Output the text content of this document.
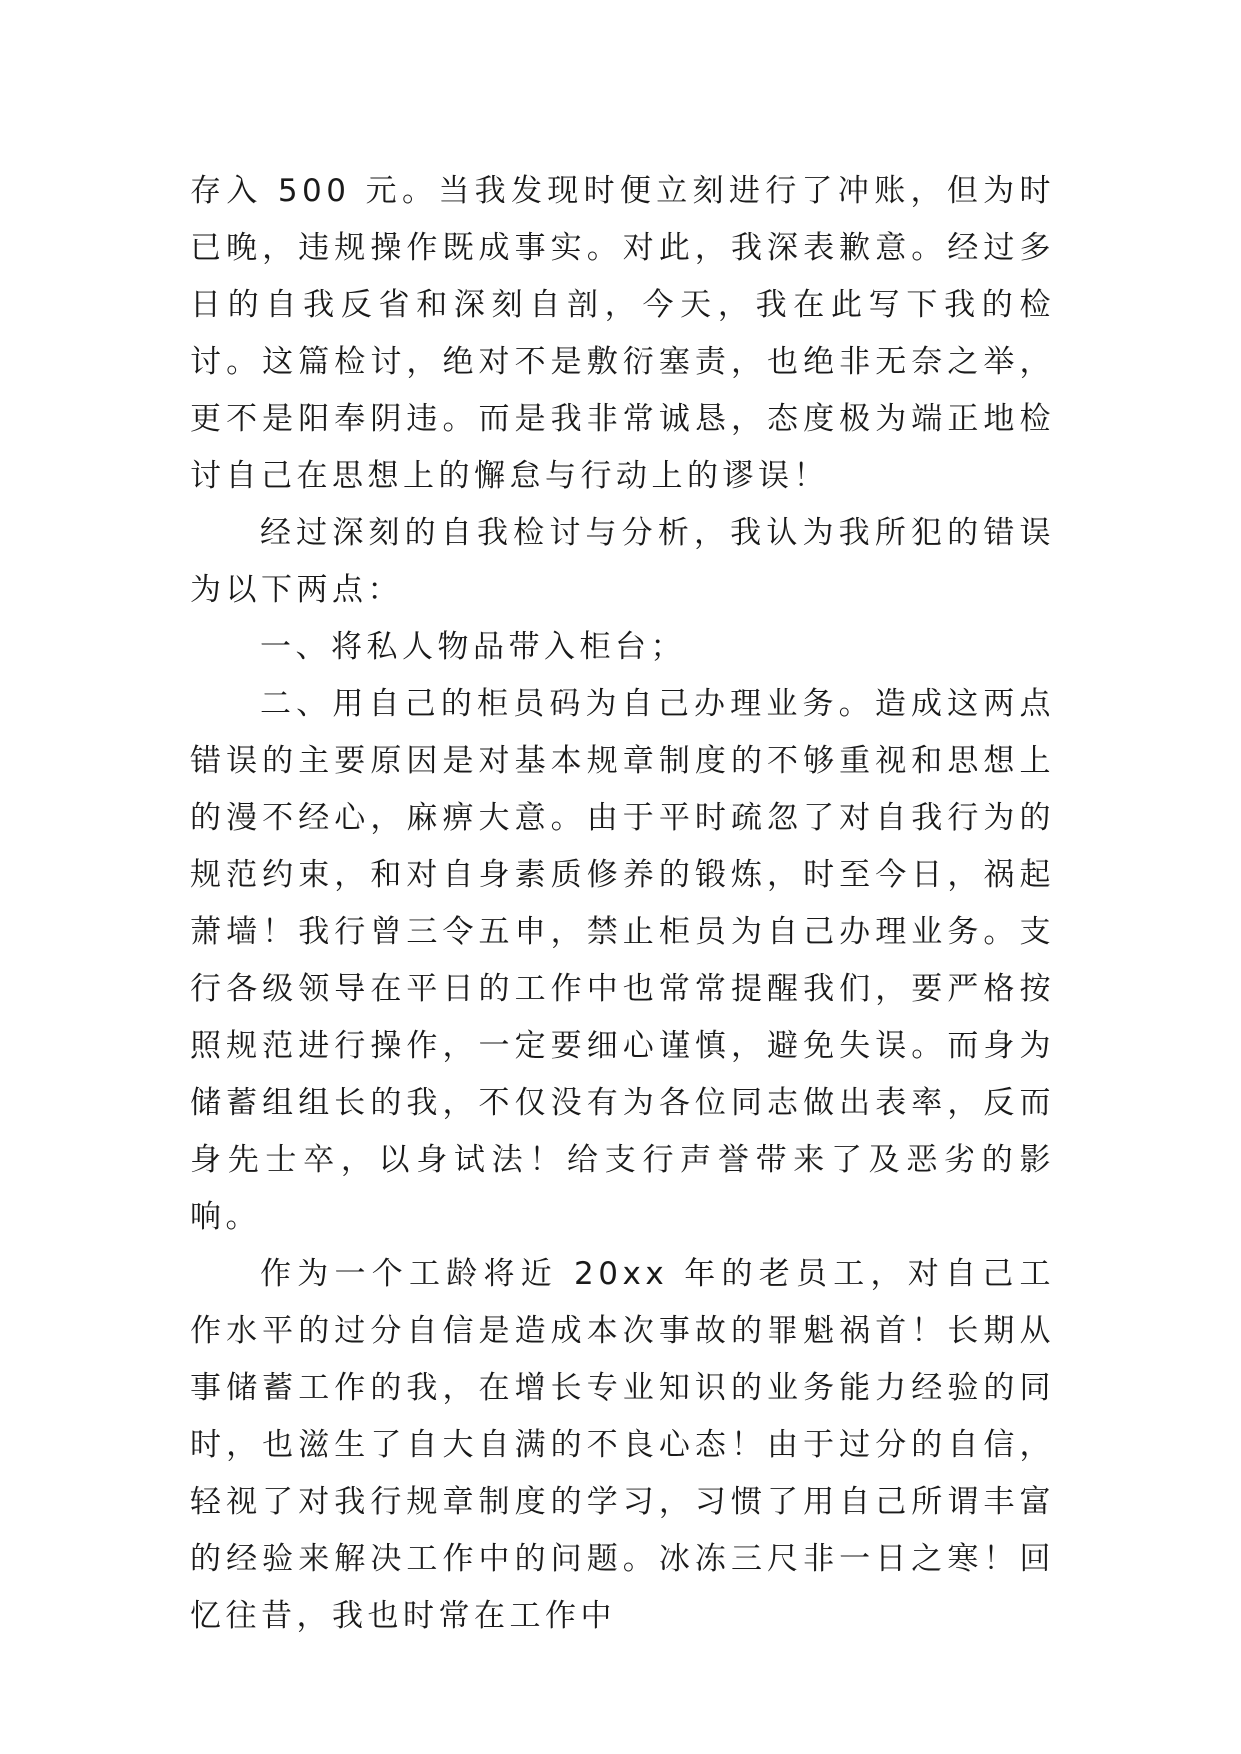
存入 500 元。当我发现时便立刻进行了冲账，但为时已晚，违规操作既成事实。对此，我深表歉意。经过多日的自我反省和深刻自剖，今天，我在此写下我的检讨。这篇检讨，绝对不是敷衍塞责，也绝非无奈之举，更不是阳奉阴违。而是我非常诚恳，态度极为端正地检讨自己在思想上的懈怠与行动上的谬误！

经过深刻的自我检讨与分析，我认为我所犯的错误为以下两点：

一、将私人物品带入柜台；

二、用自己的柜员码为自己办理业务。造成这两点错误的主要原因是对基本规章制度的不够重视和思想上的漫不经心，麻痹大意。由于平时疏忽了对自我行为的规范约束，和对自身素质修养的锻炼，时至今日，祸起萧墙！我行曾三令五申，禁止柜员为自己办理业务。支行各级领导在平日的工作中也常常提醒我们，要严格按照规范进行操作，一定要细心谨慎，避免失误。而身为储蓄组组长的我，不仅没有为各位同志做出表率，反而身先士卒，以身试法！给支行声誉带来了及恶劣的影响。

作为一个工龄将近 20xx 年的老员工，对自己工作水平的过分自信是造成本次事故的罪魁祸首！长期从事储蓄工作的我，在增长专业知识的业务能力经验的同时，也滋生了自大自满的不良心态！由于过分的自信，轻视了对我行规章制度的学习，习惯了用自己所谓丰富的经验来解决工作中的问题。冰冻三尺非一日之寒！回忆往昔，我也时常在工作中
